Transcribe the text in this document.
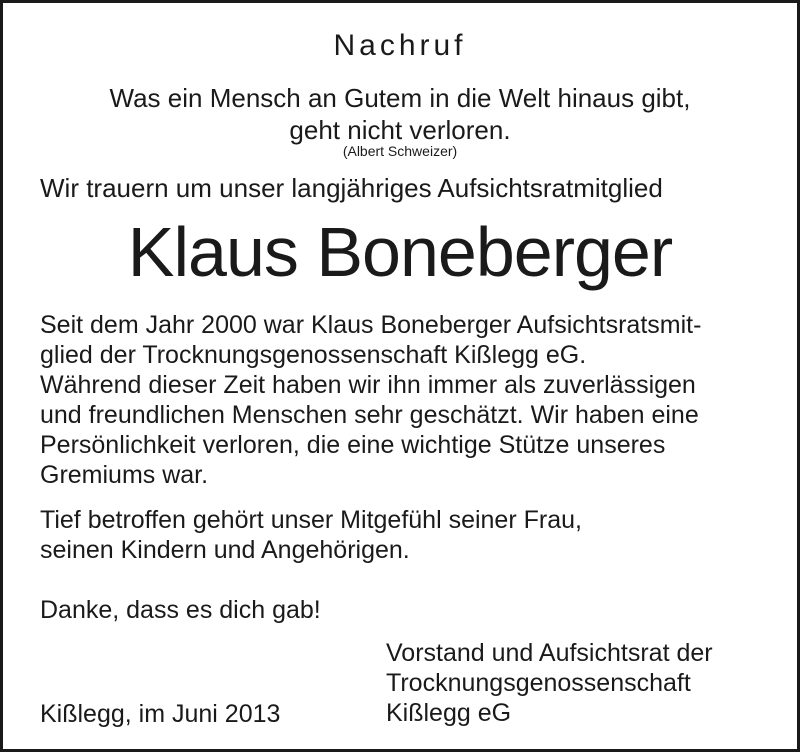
Nachruf
Was ein Mensch an Gutem in die Welt hinaus gibt,
geht nicht verloren.
(Albert Schweizer)
Wir trauern um unser langjähriges Aufsichtsratmitglied
Klaus Boneberger
Seit dem Jahr 2000 war Klaus Boneberger Aufsichtsratsmit-
glied der Trocknungsgenossenschaft Kißlegg eG.
Während dieser Zeit haben wir ihn immer als zuverlässigen
und freundlichen Menschen sehr geschätzt. Wir haben eine
Persönlichkeit verloren, die eine wichtige Stütze unseres
Gremiums war.
Tief betroffen gehört unser Mitgefühl seiner Frau,
seinen Kindern und Angehörigen.
Danke, dass es dich gab!
Vorstand und Aufsichtsrat der
Trocknungsgenossenschaft
Kißlegg eG
Kißlegg, im Juni 2013
